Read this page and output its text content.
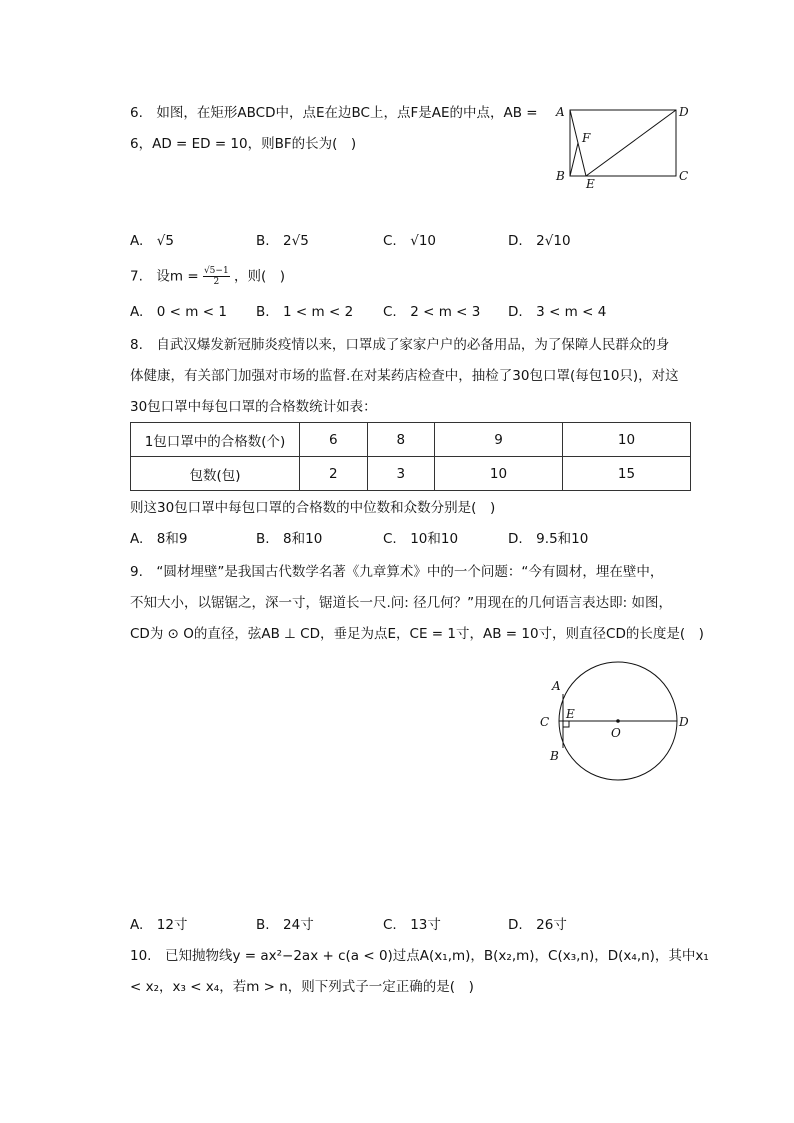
6. 如图，在矩形ABCD中，点E在边BC上，点F是AE的中点，AB =
6，AD = ED = 10，则BF的长为( )
A	D
F
B
E
C
A. √5	B. 2√5	C. √10	D. 2√10
7. 设$m = \frac{√5-1}{2}$ ，则( )
A. 0 < m < 1 B. 1 < m < 2 C. 2 < m < 3 D. 3 < m < 4
8. 自武汉爆发新冠肺炎疫情以来，口罩成了家家户户的必备用品，为了保障人民群众的身
体健康，有关部门加强对市场的监督.在对某药店检查中，抽检了30包口罩(每包10只)，对这
30包口罩中每包口罩的合格数统计如表：
1包口罩中的合格数(个)	6	8	9	10
包数(包)	2	3	10	15
则这30包口罩中每包口罩的合格数的中位数和众数分别是( )
A. 8和9	B. 8和10	C. 10和10	D. 9.5和10
9. “圆材埋壁”是我国古代数学名著《九章算术》中的一个问题：“今有圆材，埋在壁中，
不知大小，以锯锯之，深一寸，锯道长一尺.问: 径几何？”用现在的几何语言表达即: 如图，
CD为 ⊙ O的直径，弦AB ⊥ CD，垂足为点E，CE = 1寸，AB = 10寸，则直径CD的长度是( )
A
C
E
O
D
B
A. 12寸	B. 24寸	C. 13寸	D. 26寸
10. 已知抛物线y = ax²−2ax + c(a < 0)过点A(x₁,m)，B(x₂,m)，C(x₃,n)，D(x₄,n)，其中x₁
< x₂，x₃ < x₄，若m > n，则下列式子一定正确的是( )
